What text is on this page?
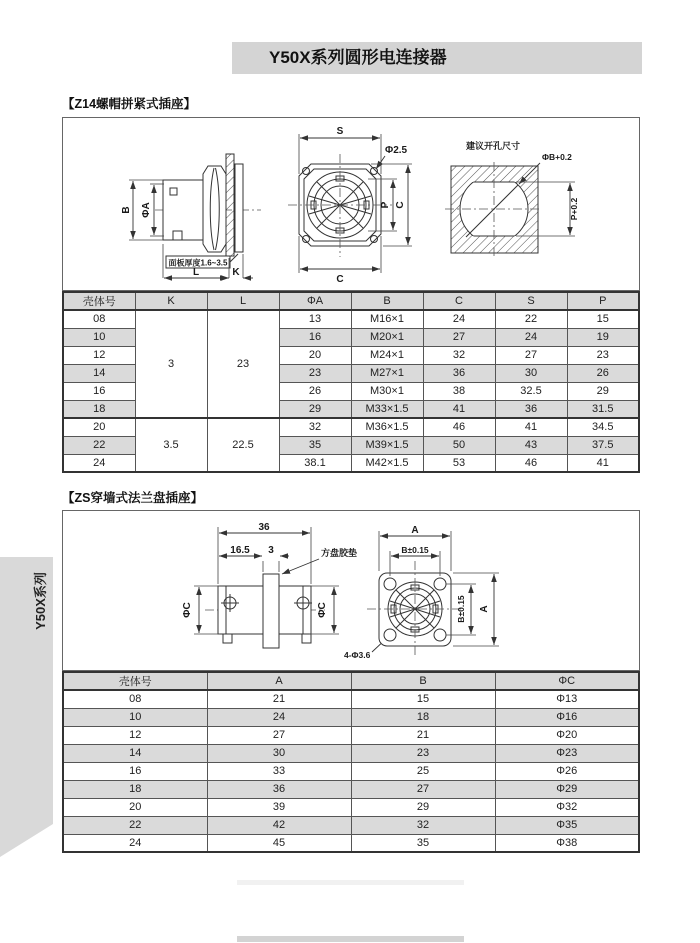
Y50X系列圆形电连接器
【Z14螺帽拼紧式插座】
B ΦA
面板厚度1.6~3.5
L	K
S
C
Φ2.5
P C
建议开孔尺寸
ΦB+0.2
P+0.2
壳体号	K	L	ΦA	B	C	S	P
08	3	23	13	M16×1	24	22	15
10			16	M20×1	27	24	19
12			20	M24×1	32	27	23
14			23	M27×1	36	30	26
16			26	M30×1	38	32.5	29
18			29	M33×1.5	41	36	31.5
20	3.5	22.5	32	M36×1.5	46	41	34.5
22			35	M39×1.5	50	43	37.5
24			38.1	M42×1.5	53	46	41
【ZS穿墙式法兰盘插座】
36
16.5 3	方盘胶垫
ΦC	ΦC
4-Φ3.6
A
B±0.15
B±0.15 A
壳体号	A	B	ΦC
08	21	15	Φ13
10	24	18	Φ16
12	27	21	Φ20
14	30	23	Φ23
16	33	25	Φ26
18	36	27	Φ29
20	39	29	Φ32
22	42	32	Φ35
24	45	35	Φ38
Y50X系列
